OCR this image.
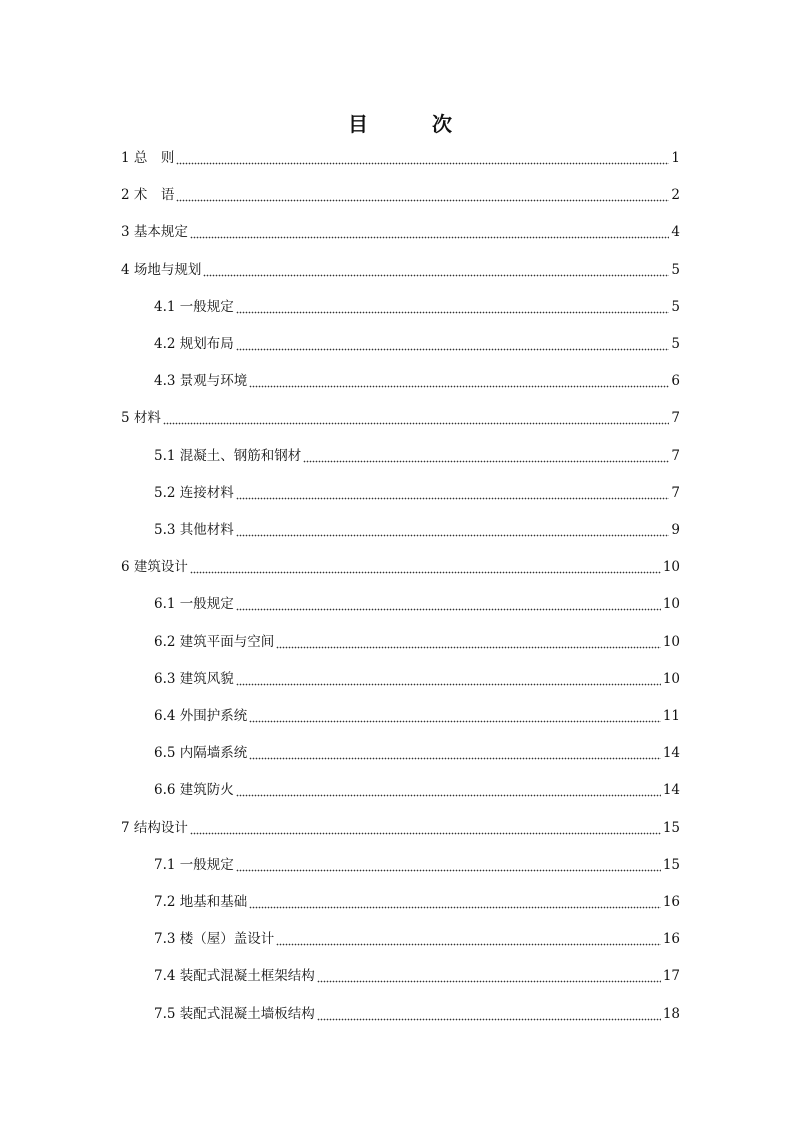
目　次
1 总　则	1
2 术　语	2
3 基本规定	4
4 场地与规划	5
4.1 一般规定	5
4.2 规划布局	5
4.3 景观与环境	6
5 材料	7
5.1 混凝土、钢筋和钢材	7
5.2 连接材料	7
5.3 其他材料	9
6 建筑设计	10
6.1 一般规定	10
6.2 建筑平面与空间	10
6.3 建筑风貌	10
6.4 外围护系统	11
6.5 内隔墙系统	14
6.6 建筑防火	14
7 结构设计	15
7.1 一般规定	15
7.2 地基和基础	16
7.3 楼（屋）盖设计	16
7.4 装配式混凝土框架结构	17
7.5 装配式混凝土墙板结构	18
